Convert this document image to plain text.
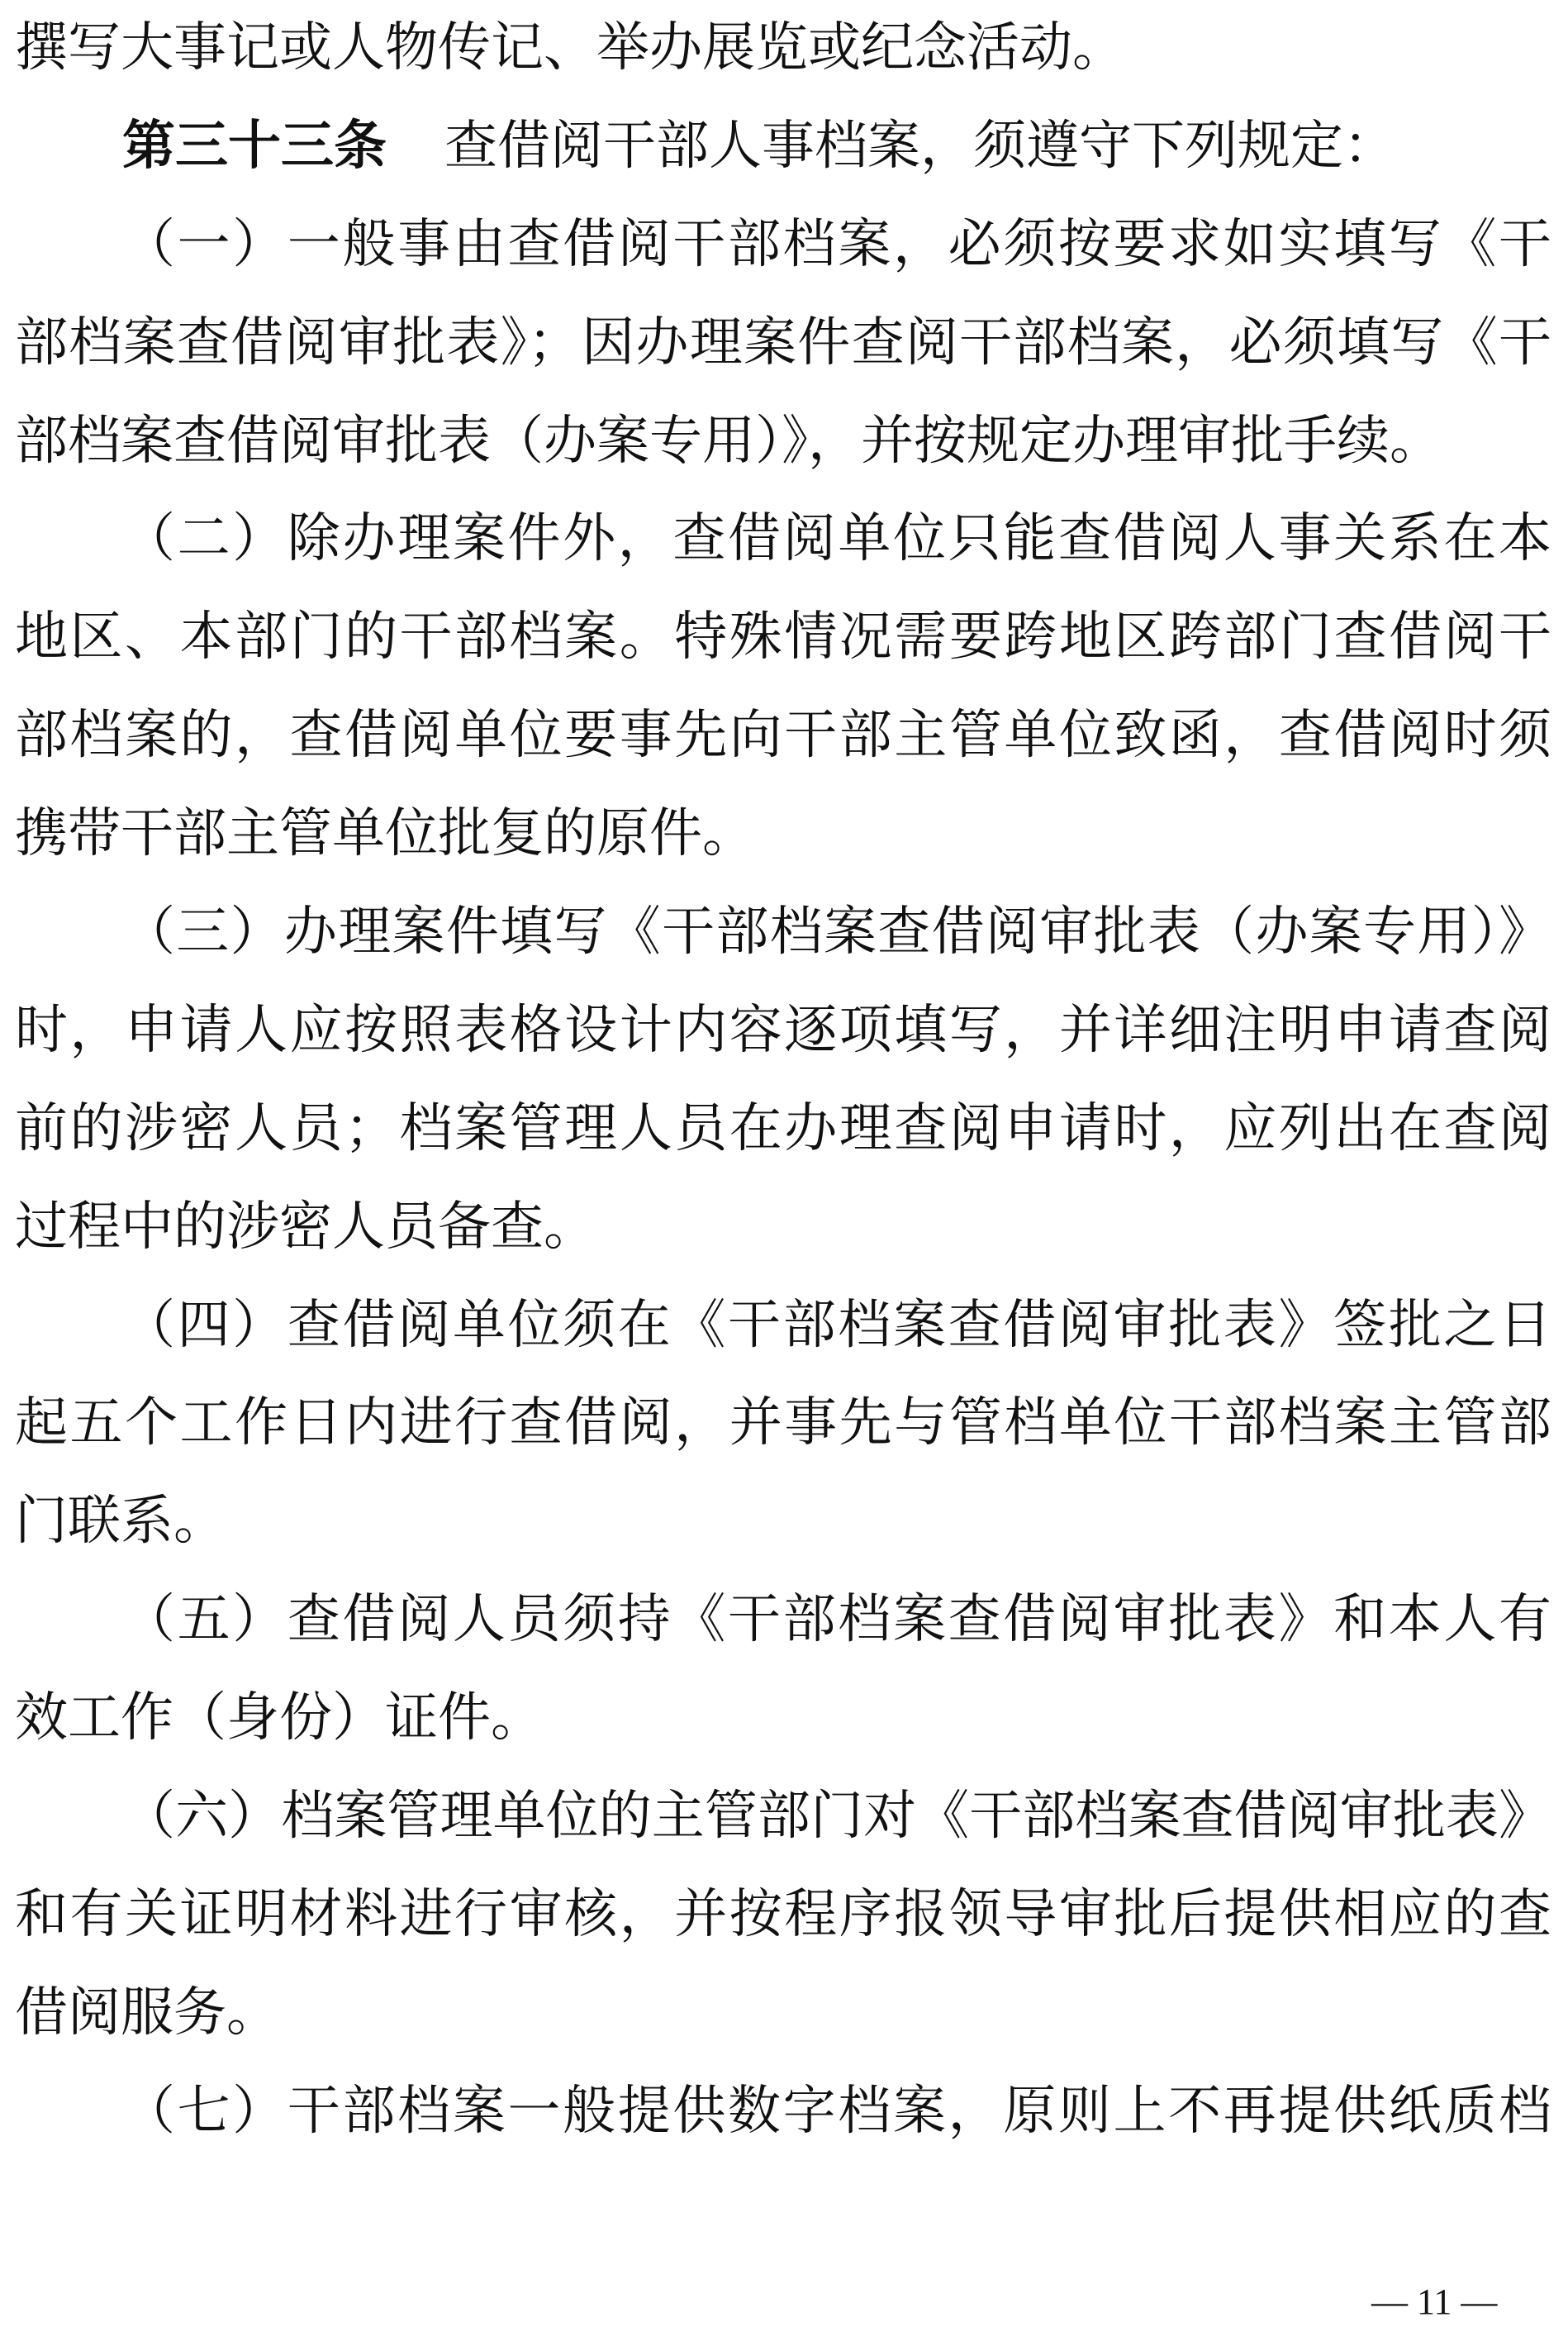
撰写大事记或人物传记、举办展览或纪念活动。
第三十三条 查借阅干部人事档案，须遵守下列规定：
（一）一般事由查借阅干部档案，必须按要求如实填写《干
部档案查借阅审批表》；因办理案件查阅干部档案，必须填写《干
部档案查借阅审批表（办案专用）》，并按规定办理审批手续。
（二）除办理案件外，查借阅单位只能查借阅人事关系在本
地区、本部门的干部档案。特殊情况需要跨地区跨部门查借阅干
部档案的，查借阅单位要事先向干部主管单位致函，查借阅时须
携带干部主管单位批复的原件。
（三）办理案件填写《干部档案查借阅审批表（办案专用）》
时，申请人应按照表格设计内容逐项填写，并详细注明申请查阅
前的涉密人员；档案管理人员在办理查阅申请时，应列出在查阅
过程中的涉密人员备查。
（四）查借阅单位须在《干部档案查借阅审批表》签批之日
起五个工作日内进行查借阅，并事先与管档单位干部档案主管部
门联系。
（五）查借阅人员须持《干部档案查借阅审批表》和本人有
效工作（身份）证件。
（六）档案管理单位的主管部门对《干部档案查借阅审批表》
和有关证明材料进行审核，并按程序报领导审批后提供相应的查
借阅服务。
（七）干部档案一般提供数字档案，原则上不再提供纸质档
— 11 —
